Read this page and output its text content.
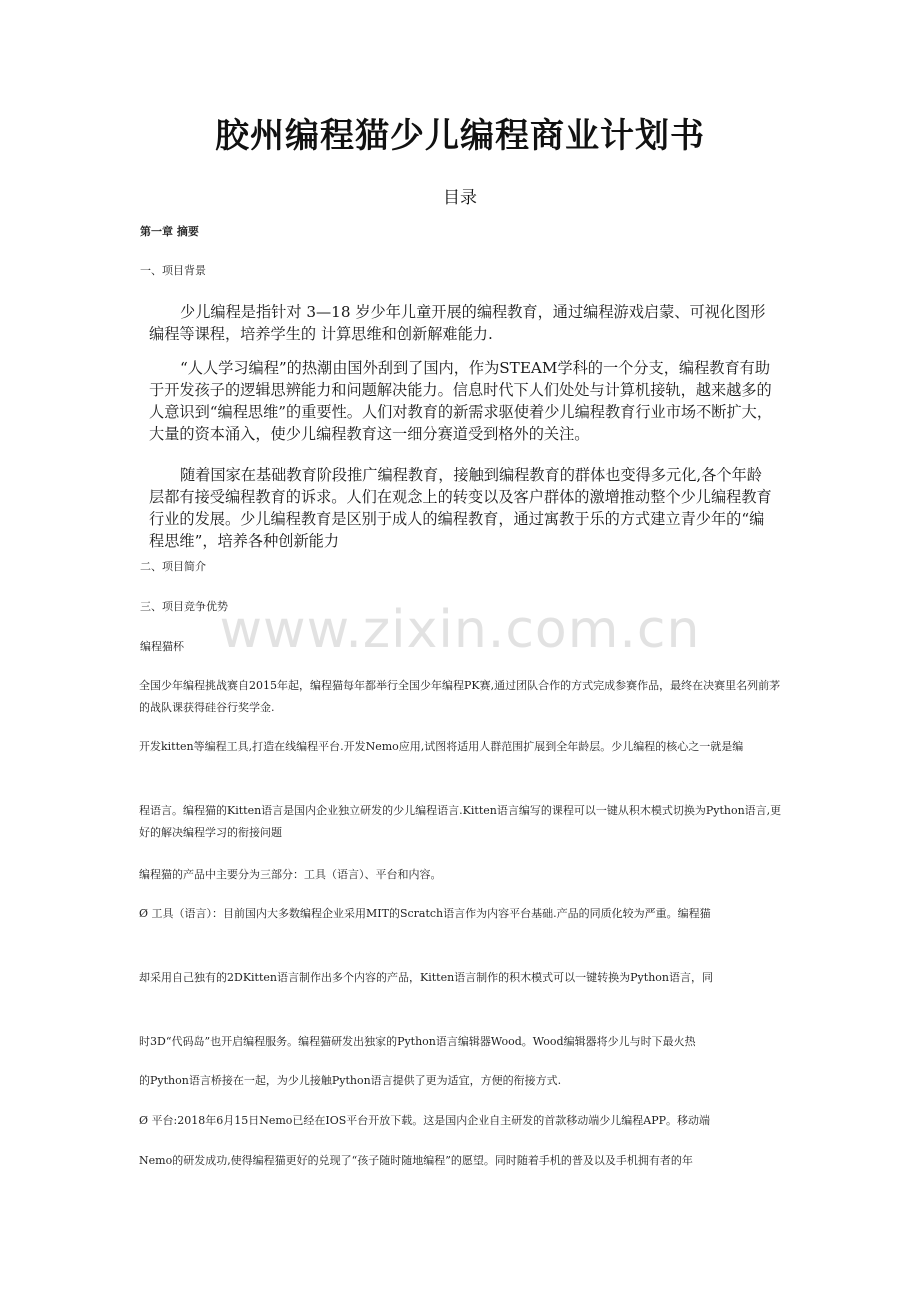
www.zixin.com.cn
胶州编程猫少儿编程商业计划书
目录
第一章 摘要
一、项目背景

少儿编程是指针对 3—18 岁少年儿童开展的编程教育，通过编程游戏启蒙、可视化图形编程等课程，培养学生的 计算思维和创新解难能力.

“人人学习编程”的热潮由国外刮到了国内，作为STEAM学科的一个分支，编程教育有助于开发孩子的逻辑思辨能力和问题解决能力。信息时代下人们处处与计算机接轨，越来越多的人意识到“编程思维”的重要性。人们对教育的新需求驱使着少儿编程教育行业市场不断扩大，大量的资本涌入，使少儿编程教育这一细分赛道受到格外的关注。

随着国家在基础教育阶段推广编程教育，接触到编程教育的群体也变得多元化,各个年龄层都有接受编程教育的诉求。人们在观念上的转变以及客户群体的激增推动整个少儿编程教育行业的发展。少儿编程教育是区别于成人的编程教育，通过寓教于乐的方式建立青少年的“编程思维”，培养各种创新能力

二、项目简介
三、项目竞争优势
编程猫杯

全国少年编程挑战赛自2015年起，编程猫每年都举行全国少年编程PK赛,通过团队合作的方式完成参赛作品，最终在决赛里名列前茅的战队课获得硅谷行奖学金.

开发kitten等编程工具,打造在线编程平台.开发Nemo应用,试图将适用人群范围扩展到全年龄层。少儿编程的核心之一就是编

程语言。编程猫的Kitten语言是国内企业独立研发的少儿编程语言.Kitten语言编写的课程可以一键从积木模式切换为Python语言,更好的解决编程学习的衔接问题

编程猫的产品中主要分为三部分：工具（语言）、平台和内容。

Ø 工具（语言）：目前国内大多数编程企业采用MIT的Scratch语言作为内容平台基础.产品的同质化较为严重。编程猫

却采用自己独有的2DKitten语言制作出多个内容的产品，Kitten语言制作的积木模式可以一键转换为Python语言，同

时3D“代码岛”也开启编程服务。编程猫研发出独家的Python语言编辑器Wood。Wood编辑器将少儿与时下最火热

的Python语言桥接在一起，为少儿接触Python语言提供了更为适宜，方便的衔接方式.

Ø 平台:2018年6月15日Nemo已经在IOS平台开放下载。这是国内企业自主研发的首款移动端少儿编程APP。移动端

Nemo的研发成功,使得编程猫更好的兑现了“孩子随时随地编程”的愿望。同时随着手机的普及以及手机拥有者的年
